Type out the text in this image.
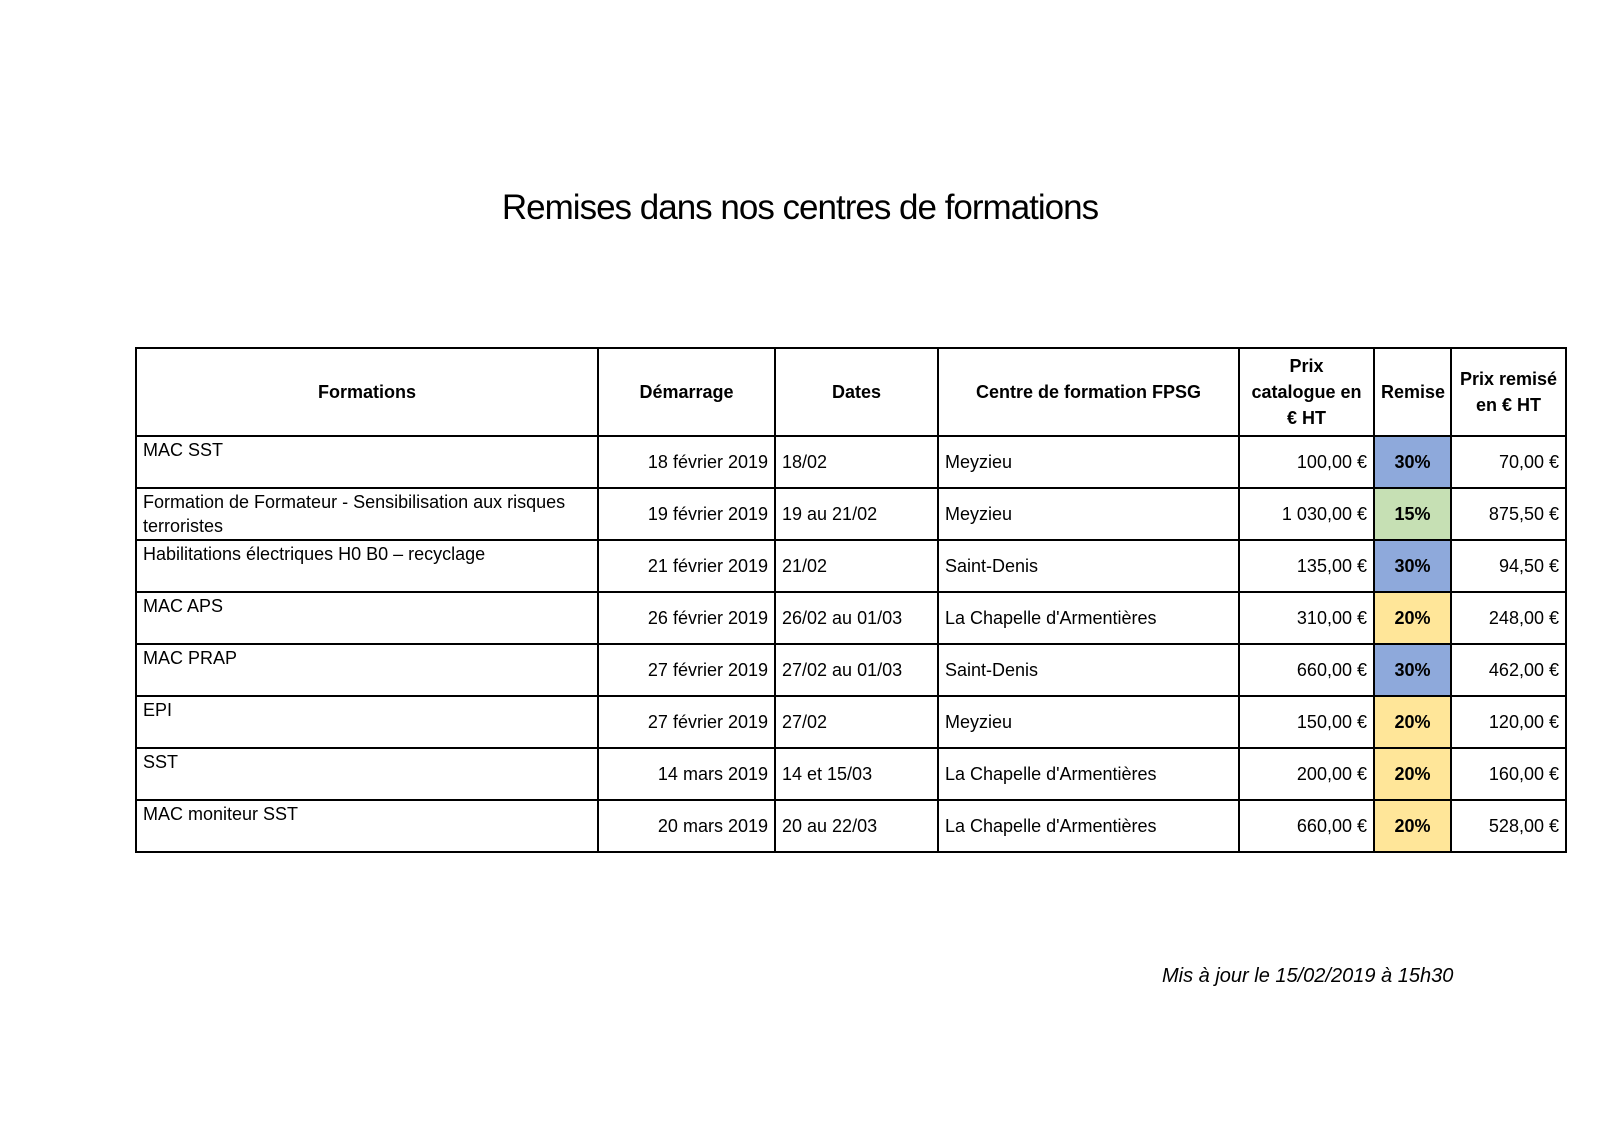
Remises dans nos centres de formations
Formations	Démarrage	Dates	Centre de formation FPSG	Prix catalogue en € HT	Remise	Prix remisé en € HT
MAC SST	18 février 2019	18/02	Meyzieu	100,00 €	30%	70,00 €
Formation de Formateur - Sensibilisation aux risques terroristes	19 février 2019	19 au 21/02	Meyzieu	1 030,00 €	15%	875,50 €
Habilitations électriques H0 B0 – recyclage	21 février 2019	21/02	Saint-Denis	135,00 €	30%	94,50 €
MAC APS	26 février 2019	26/02 au 01/03	La Chapelle d'Armentières	310,00 €	20%	248,00 €
MAC PRAP	27 février 2019	27/02 au 01/03	Saint-Denis	660,00 €	30%	462,00 €
EPI	27 février 2019	27/02	Meyzieu	150,00 €	20%	120,00 €
SST	14 mars 2019	14 et 15/03	La Chapelle d'Armentières	200,00 €	20%	160,00 €
MAC moniteur SST	20 mars 2019	20 au 22/03	La Chapelle d'Armentières	660,00 €	20%	528,00 €
Mis à jour le 15/02/2019 à 15h30
